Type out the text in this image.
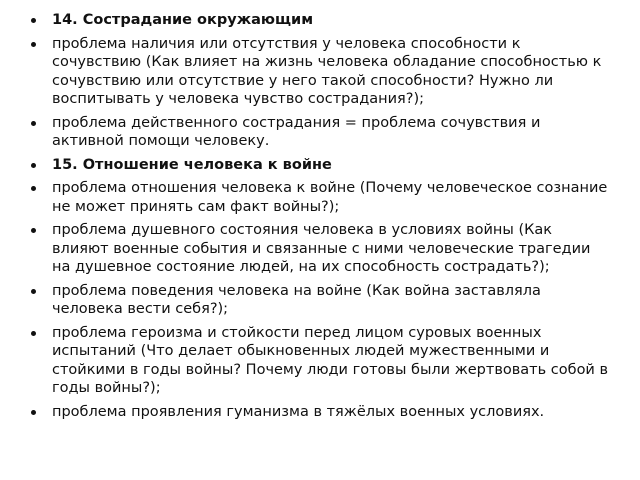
14. Сострадание окружающим
проблема наличия или отсутствия у человека способности к сочувствию (Как влияет на жизнь человека обладание способностью к сочувствию или отсутствие у него такой способности? Нужно ли воспитывать у человека чувство сострадания?);
проблема действенного сострадания = проблема сочувствия и активной помощи человеку.
15. Отношение человека к войне
проблема отношения человека к войне (Почему человеческое сознание не может принять сам факт войны?);
проблема душевного состояния человека в условиях войны (Как влияют военные события и связанные с ними человеческие трагедии на душевное состояние людей, на их способность сострадать?);
проблема поведения человека на войне (Как война заставляла человека вести себя?);
проблема героизма и стойкости перед лицом суровых военных испытаний (Что делает обыкновенных людей мужественными и стойкими в годы войны? Почему люди готовы были жертвовать собой в годы войны?);
проблема проявления гуманизма в тяжёлых военных условиях.
